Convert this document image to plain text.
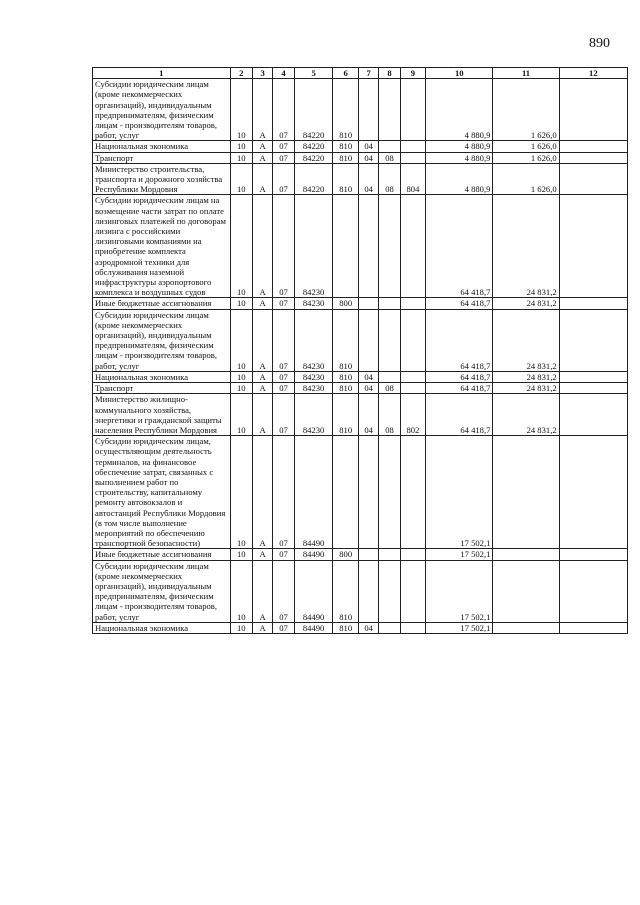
890
1	2	3	4	5	6	7	8	9	10	11	12
Субсидии юридическим лицам (кроме некоммерческих организаций), индивидуальным предпринимателям, физическим лицам - производителям товаров, работ, услуг	10	А	07	84220	810				4 880,9	1 626,0	
Национальная экономика	10	А	07	84220	810	04			4 880,9	1 626,0	
Транспорт	10	А	07	84220	810	04	08		4 880,9	1 626,0	
Министерство строительства, транспорта и дорожного хозяйства Республики Мордовия	10	А	07	84220	810	04	08	804	4 880,9	1 626,0	
Субсидии юридическим лицам на возмещение части затрат по оплате лизинговых платежей по договорам лизинга с российскими лизинговыми компаниями на приобретение комплекта аэродромной техники для обслуживания наземной инфраструктуры аэропортового комплекса и воздушных судов	10	А	07	84230					64 418,7	24 831,2	
Иные бюджетные ассигнования	10	А	07	84230	800				64 418,7	24 831,2	
Субсидии юридическим лицам (кроме некоммерческих организаций), индивидуальным предпринимателям, физическим лицам - производителям товаров, работ, услуг	10	А	07	84230	810				64 418,7	24 831,2	
Национальная экономика	10	А	07	84230	810	04			64 418,7	24 831,2	
Транспорт	10	А	07	84230	810	04	08		64 418,7	24 831,2	
Министерство жилищно-коммунального хозяйства, энергетики и гражданской защиты населения Республики Мордовия	10	А	07	84230	810	04	08	802	64 418,7	24 831,2	
Субсидии юридическим лицам, осуществляющим деятельность терминалов, на финансовое обеспечение затрат, связанных с выполнением работ по строительству, капитальному ремонту автовокзалов и автостанций Республики Мордовия (в том числе выполнение мероприятий по обеспечению транспортной безопасности)	10	А	07	84490					17 502,1		
Иные бюджетные ассигнования	10	А	07	84490	800				17 502,1		
Субсидии юридическим лицам (кроме некоммерческих организаций), индивидуальным предпринимателям, физическим лицам - производителям товаров, работ, услуг	10	А	07	84490	810				17 502,1		
Национальная экономика	10	А	07	84490	810	04			17 502,1		
